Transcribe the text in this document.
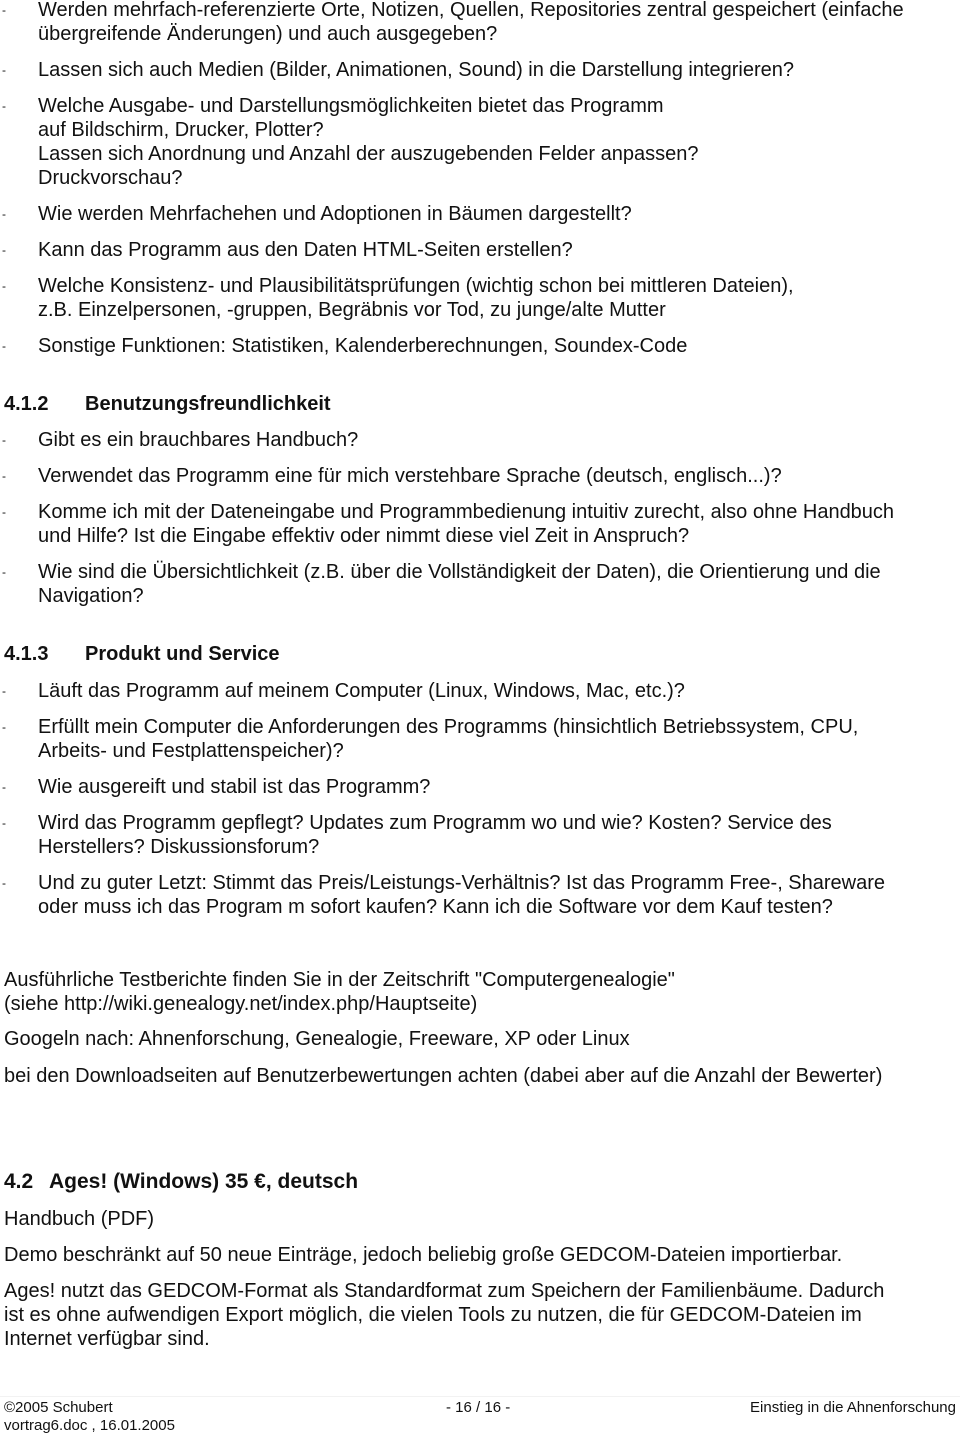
- Werden mehrfach-referenzierte Orte, Notizen, Quellen, Repositories zentral gespeichert (einfache
übergreifende Änderungen) und auch ausgegeben?
- Lassen sich auch Medien (Bilder, Animationen, Sound) in die Darstellung integrieren?
- Welche Ausgabe- und Darstellungsmöglichkeiten bietet das Programm
auf Bildschirm, Drucker, Plotter?
Lassen sich Anordnung und Anzahl der auszugebenden Felder anpassen?
Druckvorschau?
- Wie werden Mehrfachehen und Adoptionen in Bäumen dargestellt?
- Kann das Programm aus den Daten HTML-Seiten erstellen?
- Welche Konsistenz- und Plausibilitätsprüfungen (wichtig schon bei mittleren Dateien),
z.B. Einzelpersonen, -gruppen, Begräbnis vor Tod, zu junge/alte Mutter
- Sonstige Funktionen: Statistiken, Kalenderberechnungen, Soundex-Code
4.1.2 Benutzungsfreundlichkeit
- Gibt es ein brauchbares Handbuch?
- Verwendet das Programm eine für mich verstehbare Sprache (deutsch, englisch...)?
- Komme ich mit der Dateneingabe und Programmbedienung intuitiv zurecht, also ohne Handbuch
und Hilfe? Ist die Eingabe effektiv oder nimmt diese viel Zeit in Anspruch?
- Wie sind die Übersichtlichkeit (z.B. über die Vollständigkeit der Daten), die Orientierung und die
Navigation?
4.1.3 Produkt und Service
- Läuft das Programm auf meinem Computer (Linux, Windows, Mac, etc.)?
- Erfüllt mein Computer die Anforderungen des Programms (hinsichtlich Betriebssystem, CPU,
Arbeits- und Festplattenspeicher)?
- Wie ausgereift und stabil ist das Programm?
- Wird das Programm gepflegt? Updates zum Programm wo und wie? Kosten? Service des
Herstellers? Diskussionsforum?
- Und zu guter Letzt: Stimmt das Preis/Leistungs-Verhältnis? Ist das Programm Free-, Shareware
oder muss ich das Program m sofort kaufen? Kann ich die Software vor dem Kauf testen?

Ausführliche Testberichte finden Sie in der Zeitschrift "Computergenealogie"
(siehe http://wiki.genealogy.net/index.php/Hauptseite)

Googeln nach: Ahnenforschung, Genealogie, Freeware, XP oder Linux

bei den Downloadseiten auf Benutzerbewertungen achten (dabei aber auf die Anzahl der Bewerter)

4.2 Ages! (Windows) 35 €, deutsch

Handbuch (PDF)

Demo beschränkt auf 50 neue Einträge, jedoch beliebig große GEDCOM-Dateien importierbar.

Ages! nutzt das GEDCOM-Format als Standardformat zum Speichern der Familienbäume. Dadurch
ist es ohne aufwendigen Export möglich, die vielen Tools zu nutzen, die für GEDCOM-Dateien im
Internet verfügbar sind.

©2005 Schubert
vortrag6.doc , 16.01.2005
- 16 / 16 -	Einstieg in die Ahnenforschung
